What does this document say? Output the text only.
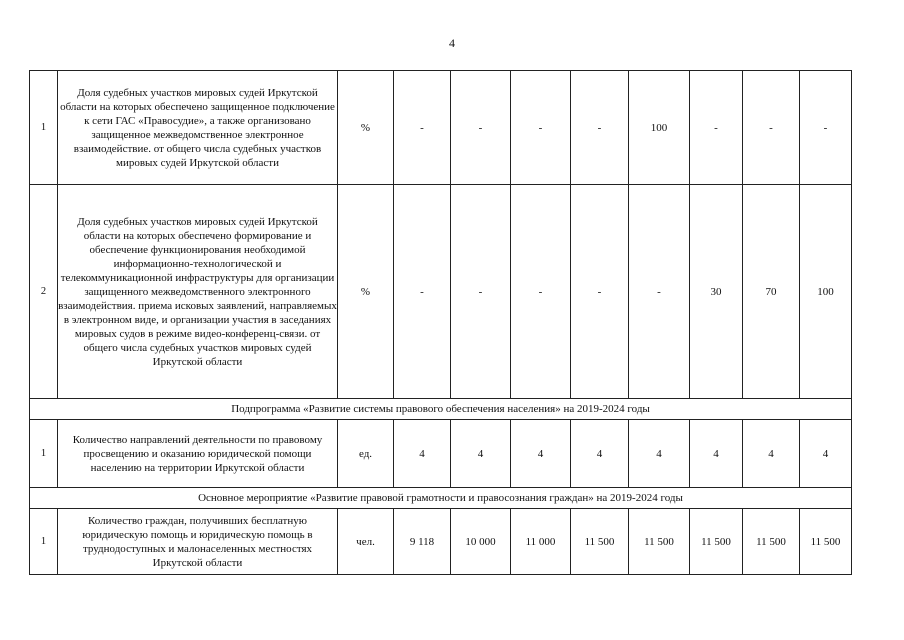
4
1	Доля судебных участков мировых судей Иркутской области на которых обеспечено защищенное подключение к сети ГАС «Правосудие», а также организовано защищенное межведомственное электронное взаимодействие. от общего числа судебных участков мировых судей Иркутской области	%	-	-	-	-	100	-	-	-
2	Доля судебных участков мировых судей Иркутской области на которых обеспечено формирование и обеспечение функционирования необходимой информационно-технологической и телекоммуникационной инфраструктуры для организации защищенного межведомственного электронного взаимодействия. приема исковых заявлений, направляемых в электронном виде, и организации участия в заседаниях мировых судов в режиме видео-конференц-связи. от общего числа судебных участков мировых судей Иркутской области	%	-	-	-	-	-	30	70	100
Подпрограмма «Развитие системы правового обеспечения населения» на 2019-2024 годы										
1	Количество направлений деятельности по правовому просвещению и оказанию юридической помощи населению на территории Иркутской области	ед.	4	4	4	4	4	4	4	4
Основное мероприятие «Развитие правовой грамотности и правосознания граждан» на 2019-2024 годы										
1	Количество граждан, получивших бесплатную юридическую помощь и юридическую помощь в труднодоступных и малонаселенных местностях Иркутской области	чел.	9 118	10 000	11 000	11 500	11 500	11 500	11 500	11 500
